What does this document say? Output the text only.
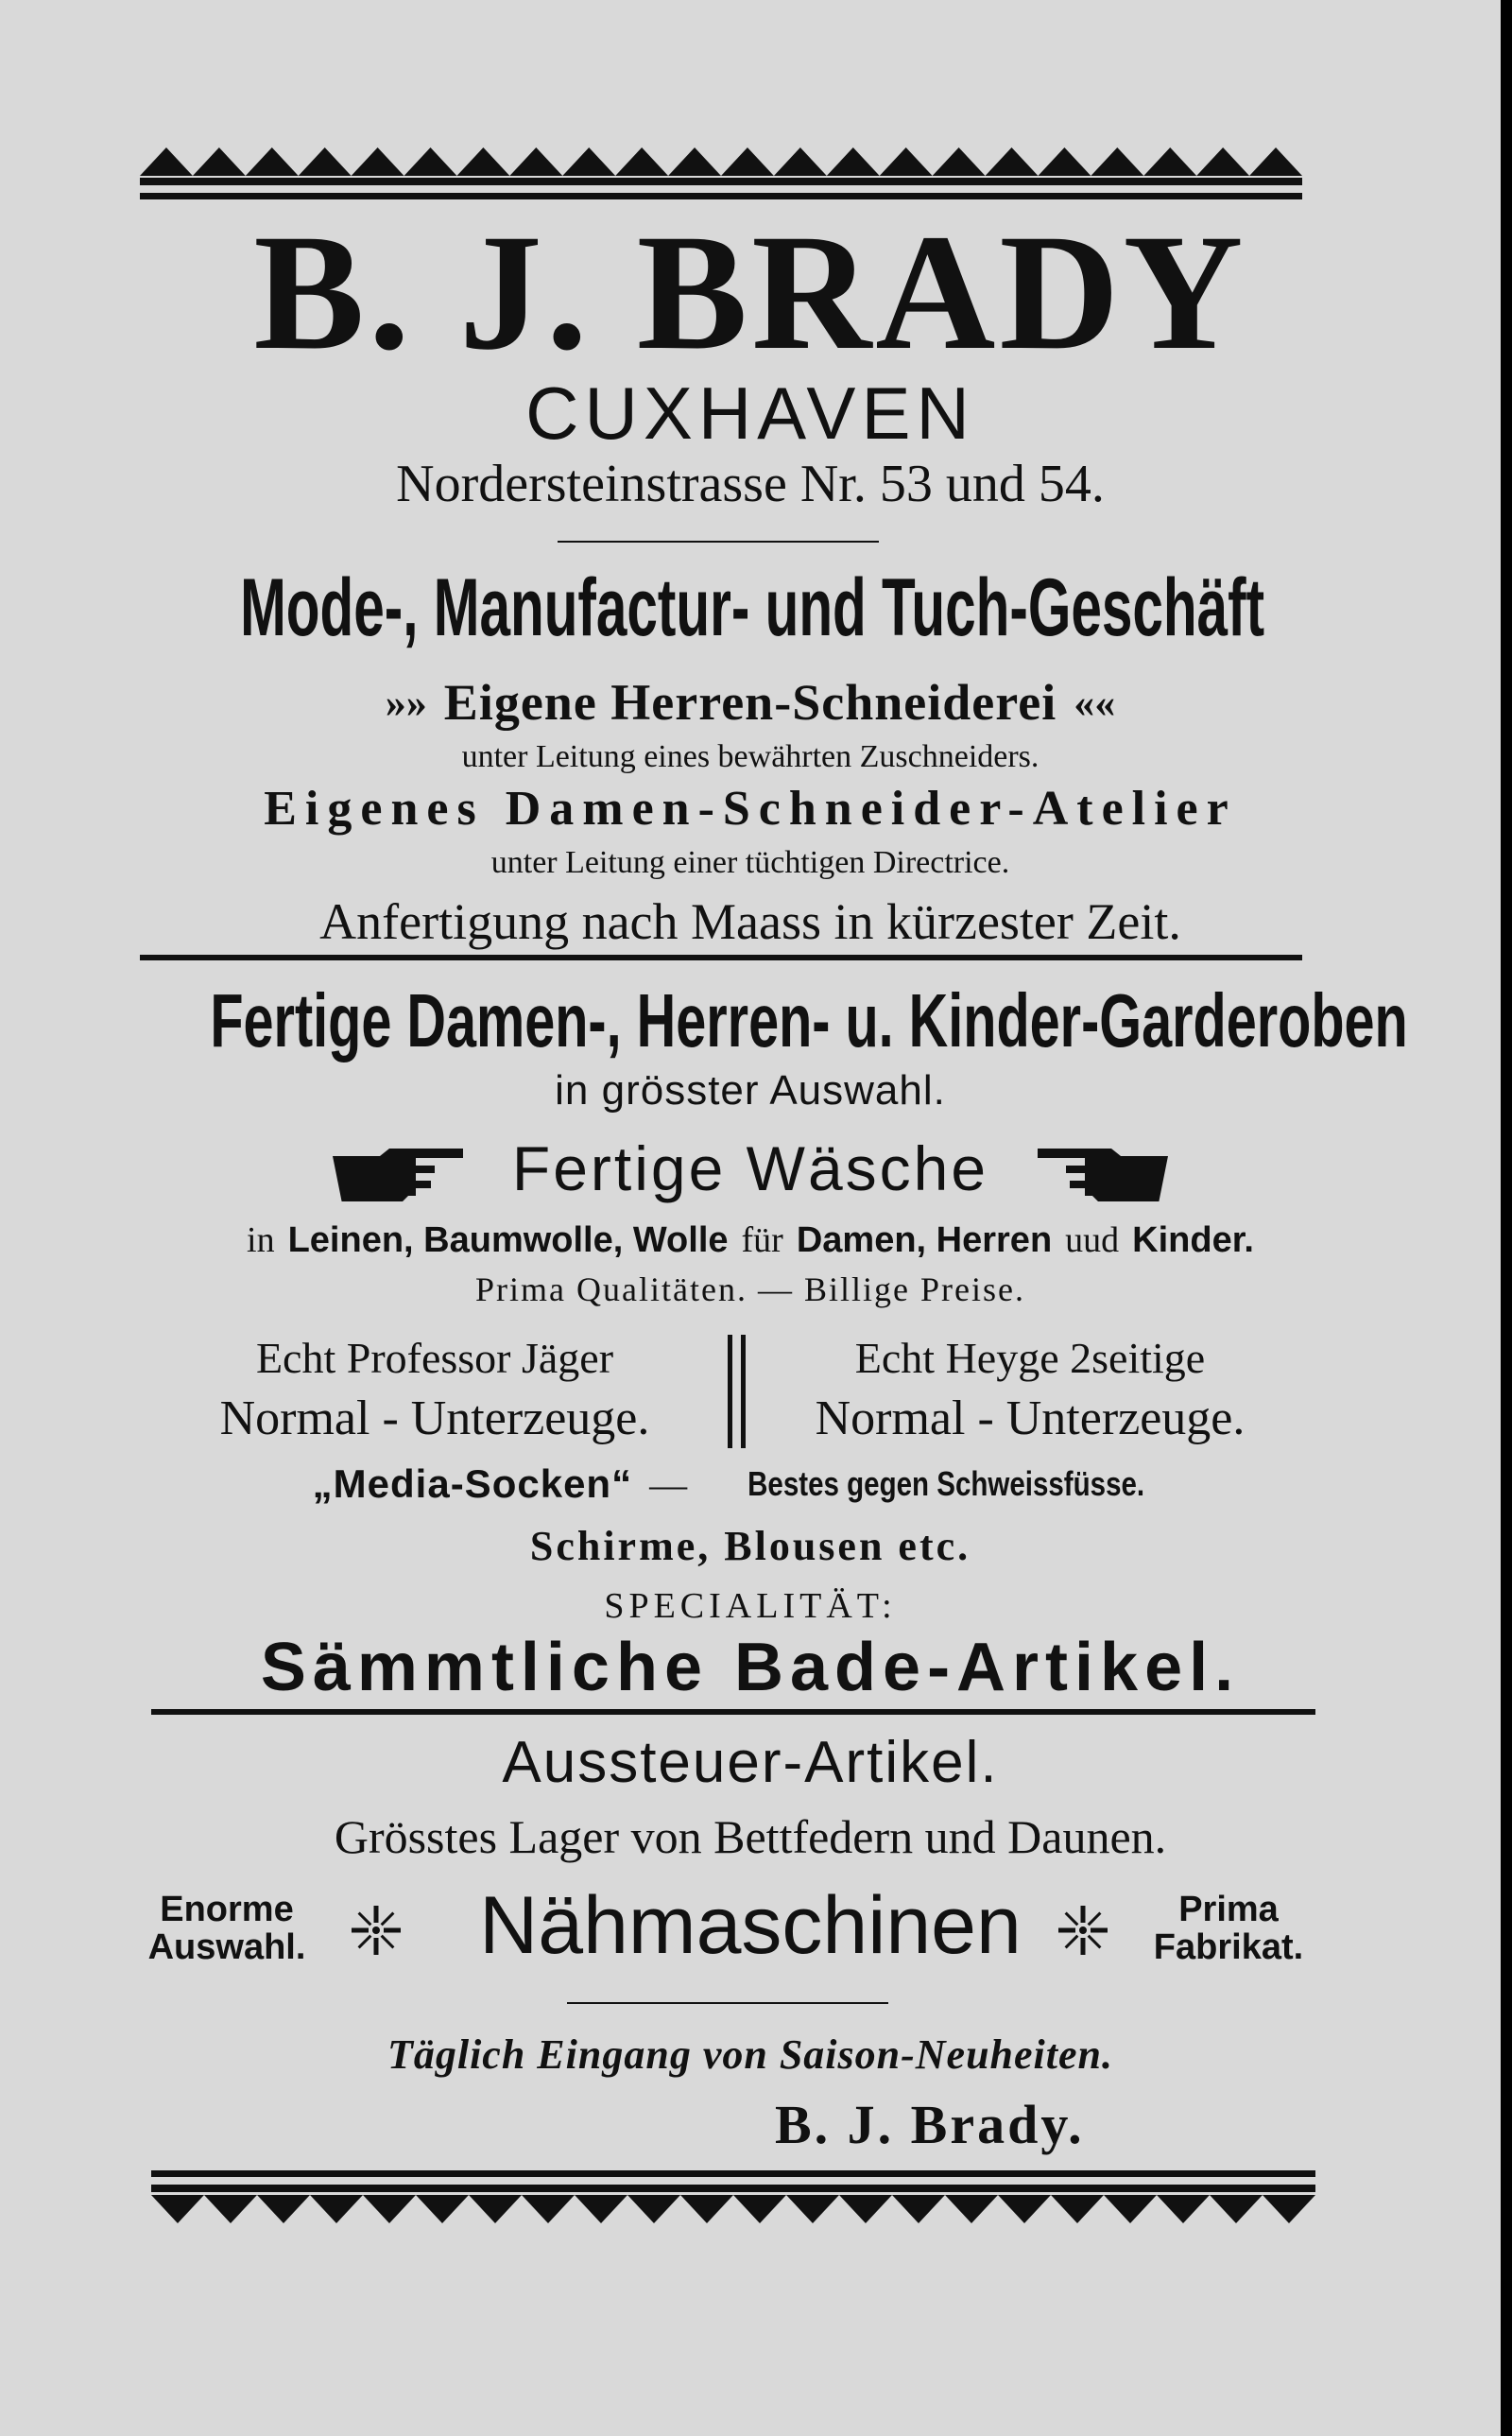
B. J. BRADY
CUXHAVEN
Nordersteinstrasse Nr. 53 und 54.
Mode-, Manufactur- und Tuch-Geschäft
»» Eigene Herren-Schneiderei ««
unter Leitung eines bewährten Zuschneiders.
Eigenes Damen-Schneider-Atelier
unter Leitung einer tüchtigen Directrice.
Anfertigung nach Maass in kürzester Zeit.
Fertige Damen-, Herren- u. Kinder-Garderoben
in grösster Auswahl.
Fertige Wäsche
in Leinen, Baumwolle, Wolle für Damen, Herren uud Kinder.
Prima Qualitäten. — Billige Preise.
Echt Professor Jäger
Normal - Unterzeuge.
Echt Heyge 2seitige
Normal - Unterzeuge.
„Media-Socken“ — Bestes gegen Schweissfüsse.
Schirme, Blousen etc.
SPECIALITÄT:
Sämmtliche Bade-Artikel.
Aussteuer-Artikel.
Grösstes Lager von Bettfedern und Daunen.
Enorme
Auswahl.	Nähmaschinen	Prima
Fabrikat.
Täglich Eingang von Saison-Neuheiten.
B. J. Brady.
